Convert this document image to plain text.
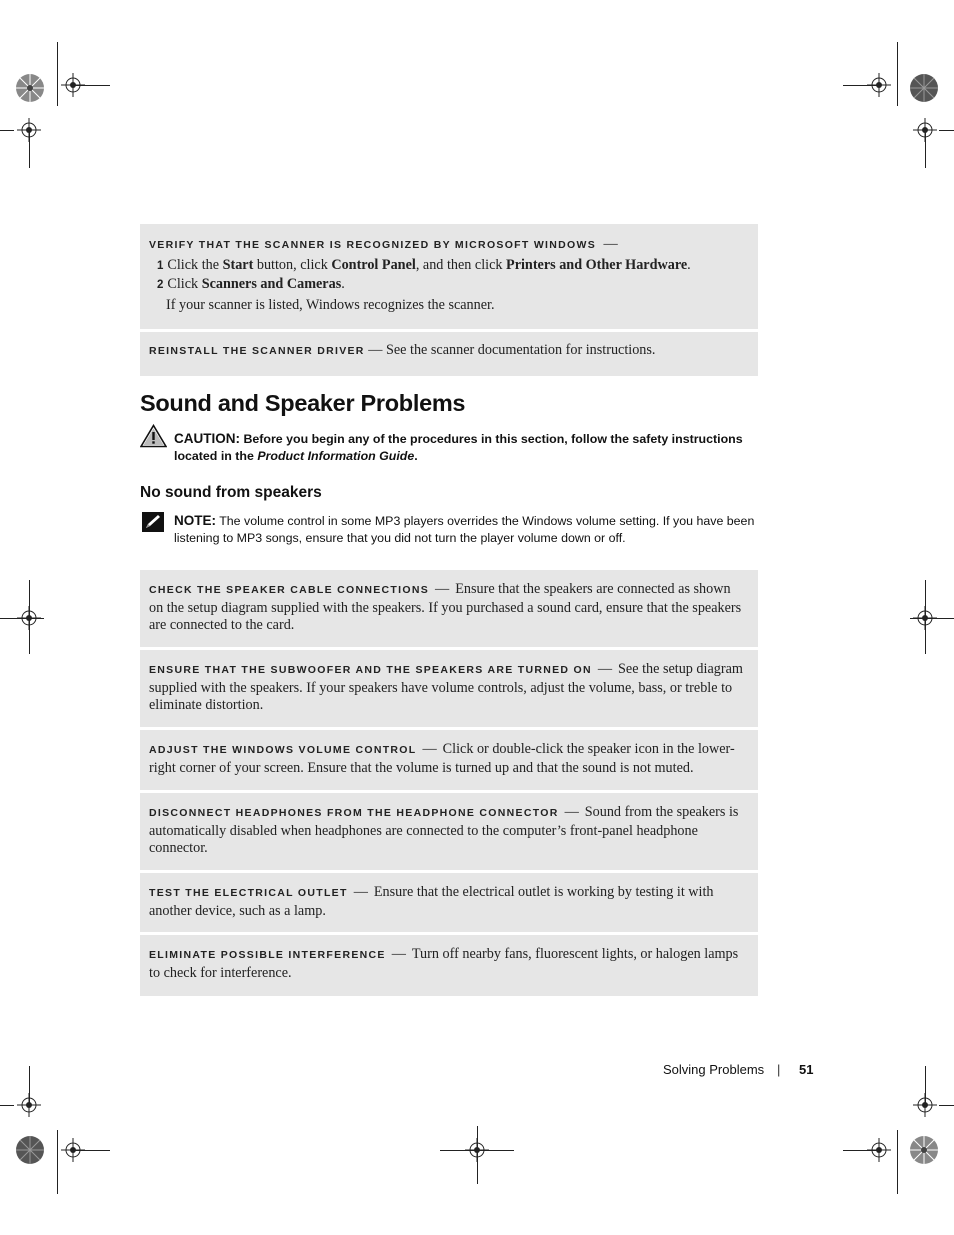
VERIFY THAT THE SCANNER IS RECOGNIZED BY MICROSOFT WINDOWS —
1 Click the Start button, click Control Panel, and then click Printers and Other Hardware.
2 Click Scanners and Cameras.
If your scanner is listed, Windows recognizes the scanner.
REINSTALL THE SCANNER DRIVER — See the scanner documentation for instructions.
Sound and Speaker Problems
CAUTION: Before you begin any of the procedures in this section, follow the safety instructions located in the Product Information Guide.
No sound from speakers
NOTE: The volume control in some MP3 players overrides the Windows volume setting. If you have been listening to MP3 songs, ensure that you did not turn the player volume down or off.
CHECK THE SPEAKER CABLE CONNECTIONS — Ensure that the speakers are connected as shown on the setup diagram supplied with the speakers. If you purchased a sound card, ensure that the speakers are connected to the card.
ENSURE THAT THE SUBWOOFER AND THE SPEAKERS ARE TURNED ON — See the setup diagram supplied with the speakers. If your speakers have volume controls, adjust the volume, bass, or treble to eliminate distortion.
ADJUST THE WINDOWS VOLUME CONTROL — Click or double-click the speaker icon in the lower-right corner of your screen. Ensure that the volume is turned up and that the sound is not muted.
DISCONNECT HEADPHONES FROM THE HEADPHONE CONNECTOR — Sound from the speakers is automatically disabled when headphones are connected to the computer’s front-panel headphone connector.
TEST THE ELECTRICAL OUTLET — Ensure that the electrical outlet is working by testing it with another device, such as a lamp.
ELIMINATE POSSIBLE INTERFERENCE — Turn off nearby fans, fluorescent lights, or halogen lamps to check for interference.
Solving Problems | 51
